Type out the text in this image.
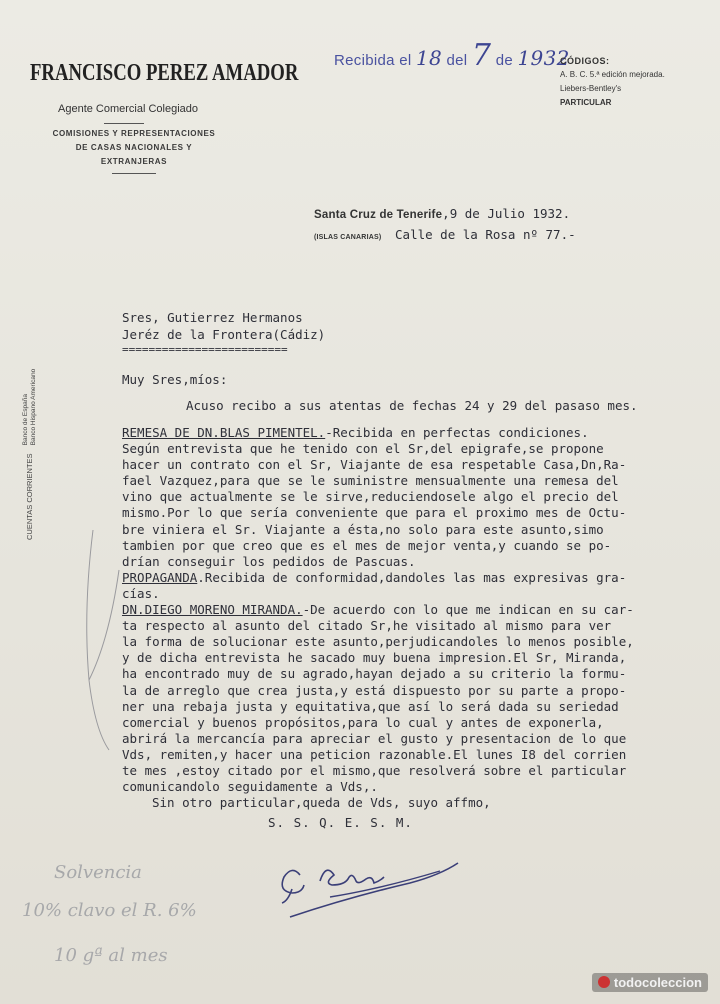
FRANCISCO PEREZ AMADOR
Agente Comercial Colegiado
COMISIONES Y REPRESENTACIONES
DE CASAS NACIONALES Y
EXTRANJERAS
Recibida el 18 del 7 de 1932
CÓDIGOS:
A. B. C. 5.ª edición mejorada.
Liebers-Bentley's
PARTICULAR
CUENTAS CORRIENTES Banco de España
Banco Hispano Americano
Santa Cruz de Tenerife,9 de Julio 1932.
(ISLAS CANARIAS) Calle de la Rosa nº 77.-
Sres, Gutierrez Hermanos
Jeréz de la Frontera(Cádiz)
=========================
Muy Sres,míos:
Acuso recibo a sus atentas de fechas 24 y 29 del pasaso mes.
REMESA DE DN.BLAS PIMENTEL.-Recibida en perfectas condiciones.
Según entrevista que he tenido con el Sr,del epigrafe,se propone
hacer un contrato con el Sr, Viajante de esa respetable Casa,Dn,Ra-
fael Vazquez,para que se le suministre mensualmente una remesa del
vino que actualmente se le sirve,reduciendosele algo el precio del
mismo.Por lo que sería conveniente que para el proximo mes de Octu-
bre viniera el Sr. Viajante a ésta,no solo para este asunto,simo
tambien por que creo que es el mes de mejor venta,y cuando se po-
drían conseguir los pedidos de Pascuas.
PROPAGANDA.Recibida de conformidad,dandoles las mas expresivas gra-
cías.
DN.DIEGO MORENO MIRANDA.-De acuerdo con lo que me indican en su car-
ta respecto al asunto del citado Sr,he visitado al mismo para ver
la forma de solucionar este asunto,perjudicandoles lo menos posible,
y de dicha entrevista he sacado muy buena impresion.El Sr, Miranda,
ha encontrado muy de su agrado,hayan dejado a su criterio la formu-
la de arreglo que crea justa,y está dispuesto por su parte a propo-
ner una rebaja justa y equitativa,que así lo será dada su seriedad
comercial y buenos propósitos,para lo cual y antes de exponerla,
abrirá la mercancía para apreciar el gusto y presentacion de lo que
Vds, remiten,y hacer una peticion razonable.El lunes I8 del corrien
te mes ,estoy citado por el mismo,que resolverá sobre el particular
comunicandolo seguidamente a Vds,.
Sin otro particular,queda de Vds, suyo affmo,
S. S. Q. E. S. M.
Solvencia
10% clavo el R. 6%
10 gª al mes
todocoleccion
